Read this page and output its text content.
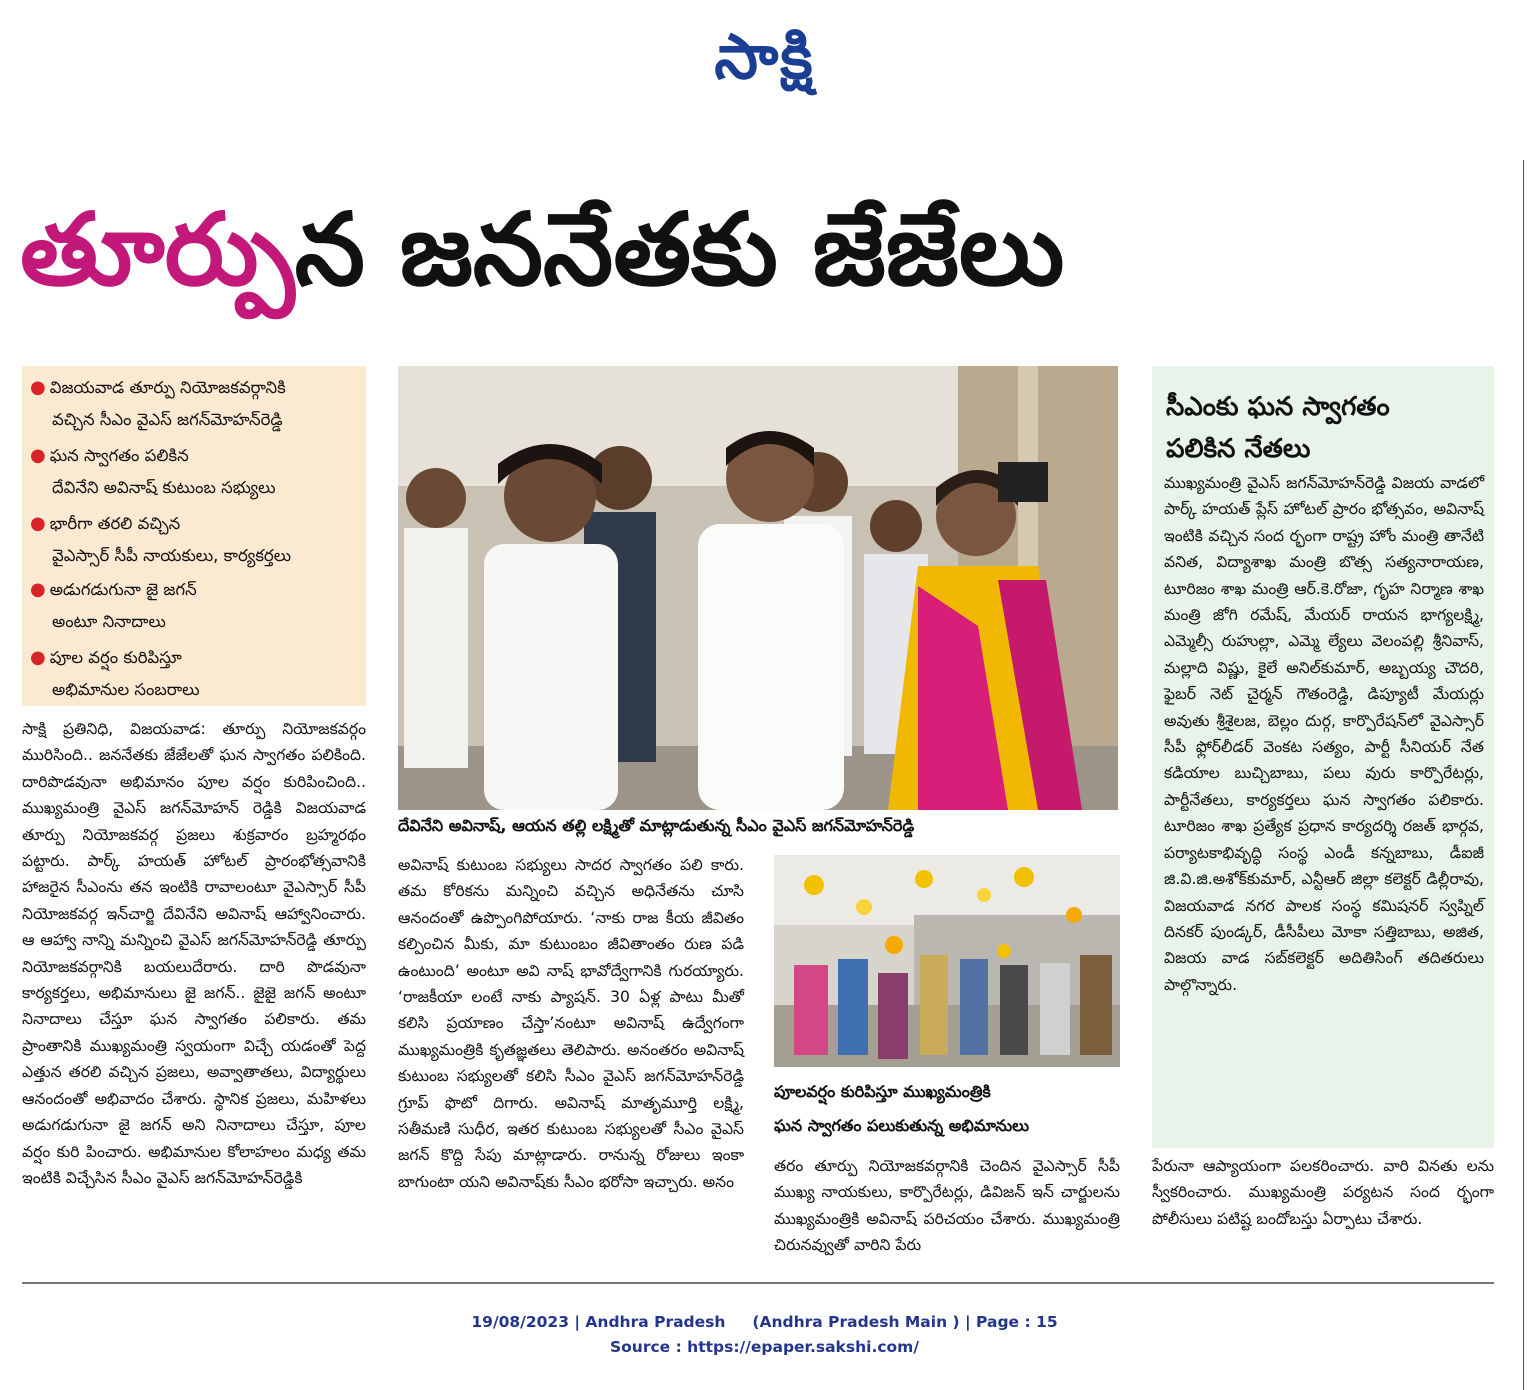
సాక్షి
తూర్పున జననేతకు జేజేలు
● విజయవాడ తూర్పు నియోజకవర్గానికి
వచ్చిన సీఎం వైఎస్‌ జగన్‌మోహన్‌రెడ్డి
● ఘన స్వాగతం పలికిన
దేవినేని అవినాష్‌ కుటుంబ సభ్యులు
● భారీగా తరలి వచ్చిన
వైఎస్సార్‌ సీపీ నాయకులు, కార్యకర్తలు
● అడుగడుగునా జై జగన్‌
అంటూ నినాదాలు
● పూల వర్షం కురిపిస్తూ
అభిమానుల సంబరాలు
సాక్షి ప్రతినిధి, విజయవాడ: తూర్పు నియోజకవర్గం మురిసింది.. జననేతకు జేజేలతో ఘన స్వాగతం పలికింది. దారిపొడవునా అభిమానం పూల వర్షం కురిపించింది.. ముఖ్యమంత్రి వైఎస్‌ జగన్‌మోహన్‌ రెడ్డికి విజయవాడ తూర్పు నియోజకవర్గ ప్రజలు శుక్రవారం బ్రహ్మరథం పట్టారు. పార్క్‌ హయత్‌ హోటల్‌ ప్రారంభోత్సవానికి హాజరైన సీఎంను తన ఇంటికి రావాలంటూ వైఎస్సార్‌ సీపీ నియోజకవర్గ ఇన్‌చార్జి దేవినేని అవినాష్‌ ఆహ్వానించారు. ఆ ఆహ్వా నాన్ని మన్నించి వైఎస్‌ జగన్‌మోహన్‌రెడ్డి తూర్పు నియోజకవర్గానికి బయలుదేరారు. దారి పొడవునా కార్యకర్తలు, అభిమానులు జై జగన్‌.. జైజై జగన్‌ అంటూ నినాదాలు చేస్తూ ఘన స్వాగతం పలికారు. తమ ప్రాంతానికి ముఖ్యమంత్రి స్వయంగా విచ్చే యడంతో పెద్ద ఎత్తున తరలి వచ్చిన ప్రజలు, అవ్వాతాతలు, విద్యార్థులు ఆనందంతో అభివాదం చేశారు. స్థానిక ప్రజలు, మహిళలు అడుగడుగునా జై జగన్‌ అని నినాదాలు చేస్తూ, పూల వర్షం కురి పించారు. అభిమానుల కోలాహలం మధ్య తమ ఇంటికి విచ్చేసిన సీఎం వైఎస్‌ జగన్‌మోహన్‌రెడ్డికి
దేవినేని అవినాష్‌, ఆయన తల్లి లక్ష్మితో మాట్లాడుతున్న సీఎం వైఎస్‌ జగన్‌మోహన్‌రెడ్డి
అవినాష్‌ కుటుంబ సభ్యులు సాదర స్వాగతం పలి కారు. తమ కోరికను మన్నించి వచ్చిన అధినేతను చూసి ఆనందంతో ఉప్పొంగిపోయారు. ‘నాకు రాజ కీయ జీవితం కల్పించిన మీకు, మా కుటుంబం జీవితాంతం రుణ పడి ఉంటుంది’ అంటూ అవి నాష్‌ భావోద్వేగానికి గురయ్యారు. ‘రాజకీయా లంటే నాకు ప్యాషన్‌. 30 ఏళ్ల పాటు మీతో కలిసి ప్రయాణం చేస్తా’నంటూ అవినాష్‌ ఉద్వేగంగా ముఖ్యమంత్రికి కృతజ్ఞతలు తెలిపారు. అనంతరం అవినాష్‌ కుటుంబ సభ్యులతో కలిసి సీఎం వైఎస్‌ జగన్‌మోహన్‌రెడ్డి గ్రూప్‌ ఫొటో దిగారు. అవినాష్‌ మాతృమూర్తి లక్ష్మి, సతీమణి సుధీర, ఇతర కుటుంబ సభ్యులతో సీఎం వైఎస్‌ జగన్‌ కొద్ది సేపు మాట్లాడారు. రానున్న రోజులు ఇంకా బాగుంటా యని అవినాష్‌కు సీఎం భరోసా ఇచ్చారు. అనం
పూలవర్షం కురిపిస్తూ ముఖ్యమంత్రికి
ఘన స్వాగతం పలుకుతున్న అభిమానులు
తరం తూర్పు నియోజకవర్గానికి చెందిన వైఎస్సార్‌ సీపీ ముఖ్య నాయకులు, కార్పొరేటర్లు, డివిజన్‌ ఇన్‌ చార్జులను ముఖ్యమంత్రికి అవినాష్‌ పరిచయం చేశారు. ముఖ్యమంత్రి చిరునవ్వుతో వారిని పేరు
సీఎంకు ఘన స్వాగతం
పలికిన నేతలు
ముఖ్యమంత్రి వైఎస్‌ జగన్‌మోహన్‌రెడ్డి విజయ వాడలో పార్క్‌ హయత్‌ ప్లేస్‌ హోటల్‌ ప్రారం భోత్సవం, అవినాష్‌ ఇంటికి వచ్చిన సంద ర్భంగా రాష్ట్ర హోం మంత్రి తానేటి వనిత, విద్యాశాఖ మంత్రి బొత్స సత్యనారాయణ, టూరిజం శాఖ మంత్రి ఆర్‌.కె.రోజా, గృహ నిర్మాణ శాఖ మంత్రి జోగి రమేష్‌, మేయర్‌ రాయన భాగ్యలక్ష్మి, ఎమ్మెల్సీ రుహుల్లా, ఎమ్మె ల్యేలు వెలంపల్లి శ్రీనివాస్‌, మల్లాది విష్ణు, కైలే అనిల్‌కుమార్‌, అబ్బయ్య చౌదరి, ఫైబర్‌ నెట్‌ చైర్మన్‌ గౌతంరెడ్డి, డిప్యూటీ మేయర్లు అవుతు శ్రీశైలజ, బెల్లం దుర్గ, కార్పొరేషన్‌లో వైఎస్సార్‌ సీపీ ఫ్లోర్‌లీడర్‌ వెంకట సత్యం, పార్టీ సీనియర్‌ నేత కడియాల బుచ్చిబాబు, పలు వురు కార్పొరేటర్లు, పార్టీనేతలు, కార్యకర్తలు ఘన స్వాగతం పలికారు. టూరిజం శాఖ ప్రత్యేక ప్రధాన కార్యదర్శి రజత్‌ భార్గవ, పర్యాటకాభివృద్ధి సంస్థ ఎండీ కన్నబాబు, డీఐజీ జి.వి.జి.అశోక్‌కుమార్‌, ఎన్టీఆర్‌ జిల్లా కలెక్టర్‌ డిల్లీరావు, విజయవాడ నగర పాలక సంస్థ కమిషనర్‌ స్వప్నిల్‌ దినకర్‌ పుండ్కర్‌, డీసీపీలు మోకా సత్తిబాబు, అజిత, విజయ వాడ సబ్‌కలెక్టర్‌ అదితిసింగ్‌ తదితరులు పాల్గొన్నారు.
పేరునా ఆప్యాయంగా పలకరించారు. వారి వినతు లను స్వీకరించారు. ముఖ్యమంత్రి పర్యటన సంద ర్భంగా పోలీసులు పటిష్ట బందోబస్తు ఏర్పాటు చేశారు.
19/08/2023 | Andhra Pradesh     (Andhra Pradesh Main ) | Page : 15
Source : https://epaper.sakshi.com/
